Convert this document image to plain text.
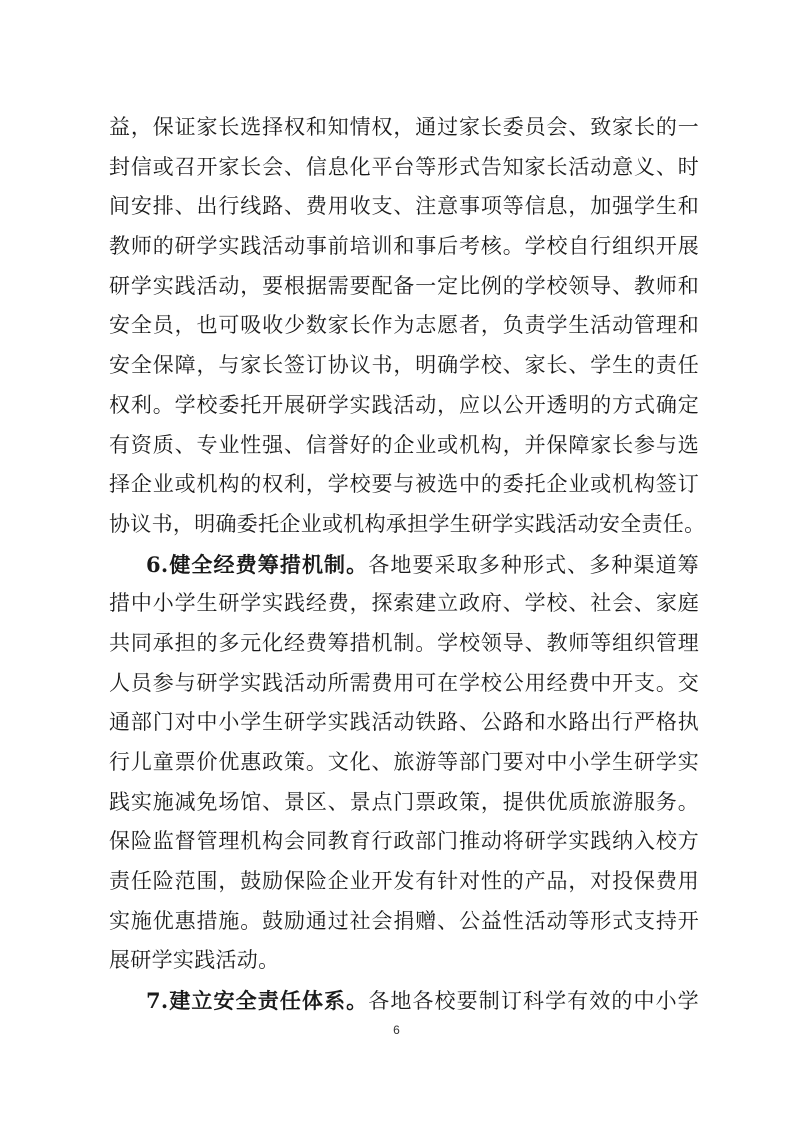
益，保证家长选择权和知情权，通过家长委员会、致家长的一
封信或召开家长会、信息化平台等形式告知家长活动意义、时
间安排、出行线路、费用收支、注意事项等信息，加强学生和
教师的研学实践活动事前培训和事后考核。学校自行组织开展
研学实践活动，要根据需要配备一定比例的学校领导、教师和
安全员，也可吸收少数家长作为志愿者，负责学生活动管理和
安全保障，与家长签订协议书，明确学校、家长、学生的责任
权利。学校委托开展研学实践活动，应以公开透明的方式确定
有资质、专业性强、信誉好的企业或机构，并保障家长参与选
择企业或机构的权利，学校要与被选中的委托企业或机构签订
协议书，明确委托企业或机构承担学生研学实践活动安全责任。
6.健全经费筹措机制。各地要采取多种形式、多种渠道筹
措中小学生研学实践经费，探索建立政府、学校、社会、家庭
共同承担的多元化经费筹措机制。学校领导、教师等组织管理
人员参与研学实践活动所需费用可在学校公用经费中开支。交
通部门对中小学生研学实践活动铁路、公路和水路出行严格执
行儿童票价优惠政策。文化、旅游等部门要对中小学生研学实
践实施减免场馆、景区、景点门票政策，提供优质旅游服务。
保险监督管理机构会同教育行政部门推动将研学实践纳入校方
责任险范围，鼓励保险企业开发有针对性的产品，对投保费用
实施优惠措施。鼓励通过社会捐赠、公益性活动等形式支持开
展研学实践活动。
7.建立安全责任体系。各地各校要制订科学有效的中小学
6
